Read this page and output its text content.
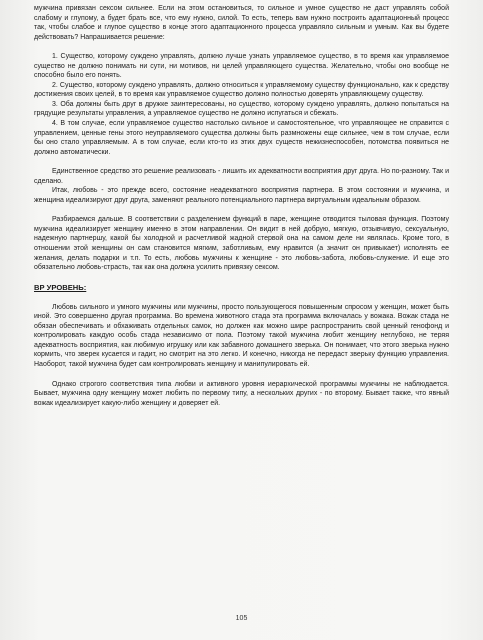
мужчина привязан сексом сильнее. Если на этом остановиться, то сильное и умное существо не даст управлять собой слабому и глупому, а будет брать все, что ему нужно, силой. То есть, теперь вам нужно построить адаптационный процесс так, чтобы слабое и глупое существо в конце этого адаптационного процесса управляло сильным и умным. Как вы будете действовать? Напрашивается решение:

1. Существо, которому суждено управлять, должно лучше узнать управляемое существо, в то время как управляемое существо не должно понимать ни сути, ни мотивов, ни целей управляющего существа. Желательно, чтобы оно вообще не способно было его понять.

2. Существо, которому суждено управлять, должно относиться к управляемому существу функционально, как к средству достижения своих целей, в то время как управляемое существо должно полностью доверять управляющему существу.

3. Оба должны быть друг в дружке заинтересованы, но существо, которому суждено управлять, должно попытаться на грядущие результаты управления, а управляемое существо не должно испугаться и сбежать.

4. В том случае, если управляемое существо настолько сильное и самостоятельное, что управляющее не справится с управлением, ценные гены этого неуправляемого существа должны быть размножены еще сильнее, чем в том случае, если бы оно стало управляемым. А в том случае, если кто-то из этих двух существ нежизнеспособен, потомства появиться не должно автоматически.

Единственное средство это решение реализовать - лишить их адекватности восприятия друг друга. Но по-разному. Так и сделано.

Итак, любовь - это прежде всего, состояние неадекватного восприятия партнера. В этом состоянии и мужчина, и женщина идеализируют друг друга, заменяют реального потенциального партнера виртуальным идеальным образом.

Разбираемся дальше. В соответствии с разделением функций в паре, женщине отводится тыловая функция. Поэтому мужчина идеализирует женщину именно в этом направлении. Он видит в ней добрую, мягкую, отзывчивую, сексуальную, надежную партнершу, какой бы холодной и расчетливой жадной стервой она на самом деле ни являлась. Кроме того, в отношении этой женщины он сам становится мягким, заботливым, ему нравится (а значит он привыкает) исполнять ее желания, делать подарки и т.п. То есть, любовь мужчины к женщине - это любовь-забота, любовь-служение. И еще это обязательно любовь-страсть, так как она должна усилить привязку сексом.

ВР УРОВЕНЬ:

Любовь сильного и умного мужчины или мужчины, просто пользующегося повышенным спросом у женщин, может быть иной. Это совершенно другая программа. Во времена животного стада эта программа включалась у вожака. Вожак стада не обязан обеспечивать и обхаживать отдельных самок, но должен как можно шире распространить свой ценный генофонд и контролировать каждую особь стада независимо от пола. Поэтому такой мужчина любит женщину неглубоко, не теряя адекватность восприятия, как любимую игрушку или как забавного домашнего зверька. Он понимает, что этого зверька нужно кормить, что зверек кусается и гадит, но смотрит на это легко. И конечно, никогда не передаст зверьку функцию управления. Наоборот, такой мужчина будет сам контролировать женщину и манипулировать ей.

Однако строгого соответствия типа любви и активного уровня иерархической программы мужчины не наблюдается. Бывает, мужчина одну женщину может любить по первому типу, а нескольких других - по второму. Бывает также, что явный вожак идеализирует какую-либо женщину и доверяет ей.

105
